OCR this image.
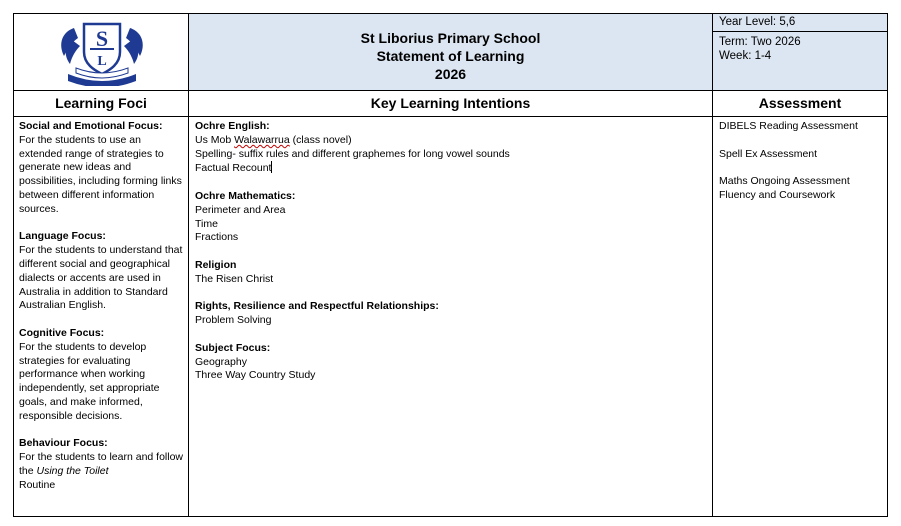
S
L
St Liborius Primary School
Statement of Learning
2026
Year Level: 5,6
Term: Two 2026
Week: 1-4
Learning Foci	Key Learning Intentions	Assessment
Social and Emotional Focus:
For the students to use an extended range of strategies to generate new ideas and possibilities, including forming links between different information sources.
Language Focus:
For the students to understand that different social and geographical dialects or accents are used in Australia in addition to Standard Australian English.
Cognitive Focus:
For the students to develop strategies for evaluating performance when working independently, set appropriate goals, and make informed, responsible decisions.
Behaviour Focus:
For the students to learn and follow the Using the Toilet
Routine
Ochre English:
Us Mob Walawarrua (class novel)
Spelling- suffix rules and different graphemes for long vowel sounds
Factual Recount
Ochre Mathematics:
Perimeter and Area
Time
Fractions
Religion
The Risen Christ
Rights, Resilience and Respectful Relationships:
Problem Solving
Subject Focus:
Geography
Three Way Country Study
DIBELS Reading Assessment
Spell Ex Assessment
Maths Ongoing Assessment
Fluency and Coursework
